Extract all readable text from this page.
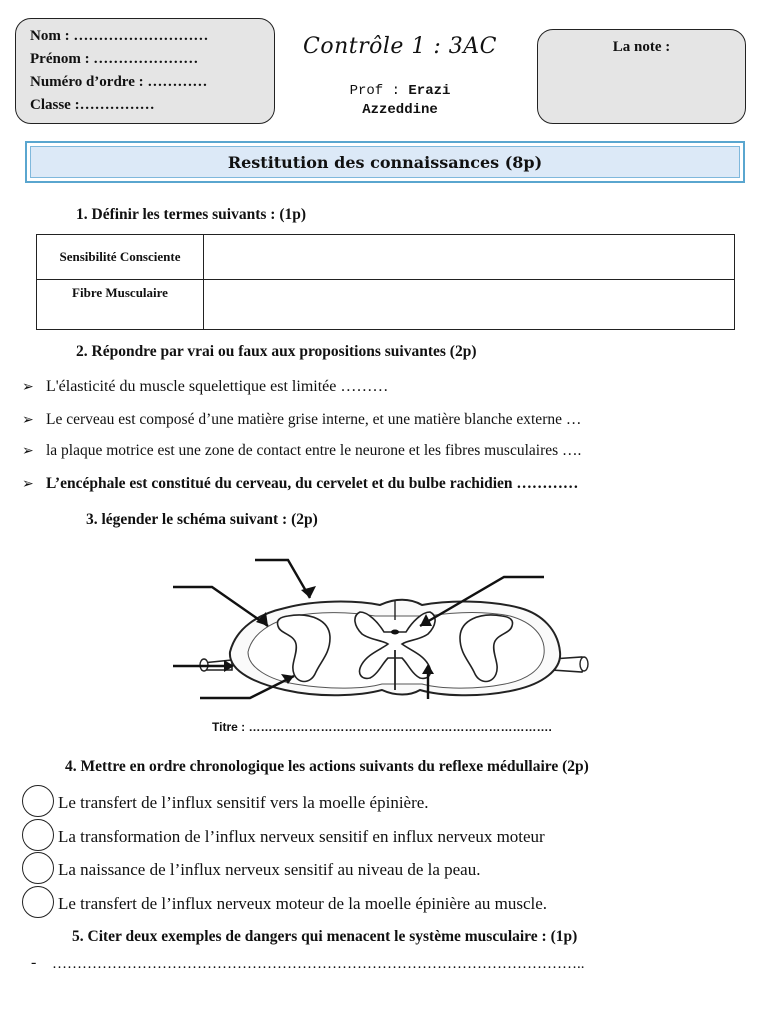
Nom : ………………………
Prénom : …………………
Numéro d’ordre : …………
Classe :……………
Contrôle 1 : 3AC
Prof : Erazi
Azzeddine
La note :
Restitution des connaissances (8p)
1. Définir les termes suivants : (1p)
Sensibilité Consciente	
Fibre Musculaire	
2. Répondre par vrai ou faux aux propositions suivantes (2p)
➢ L'élasticité du muscle squelettique est limitée ………
➢ Le cerveau est composé d’une matière grise interne, et une matière blanche externe …
➢ la plaque motrice est une zone de contact entre le neurone et les fibres musculaires ….
➢ L’encéphale est constitué du cerveau, du cervelet et du bulbe rachidien …………
3. légender le schéma suivant : (2p)
Titre : ………………………………………………………………….
4. Mettre en ordre chronologique les actions suivants du reflexe médullaire (2p)
Le transfert de l’influx sensitif vers la moelle épinière.
La transformation de l’influx nerveux sensitif en influx nerveux moteur
La naissance de l’influx nerveux sensitif au niveau de la peau.
Le transfert de l’influx nerveux moteur de la moelle épinière au muscle.
5. Citer deux exemples de dangers qui menacent le système musculaire : (1p)
- ……………………………………………………………………………………………..
